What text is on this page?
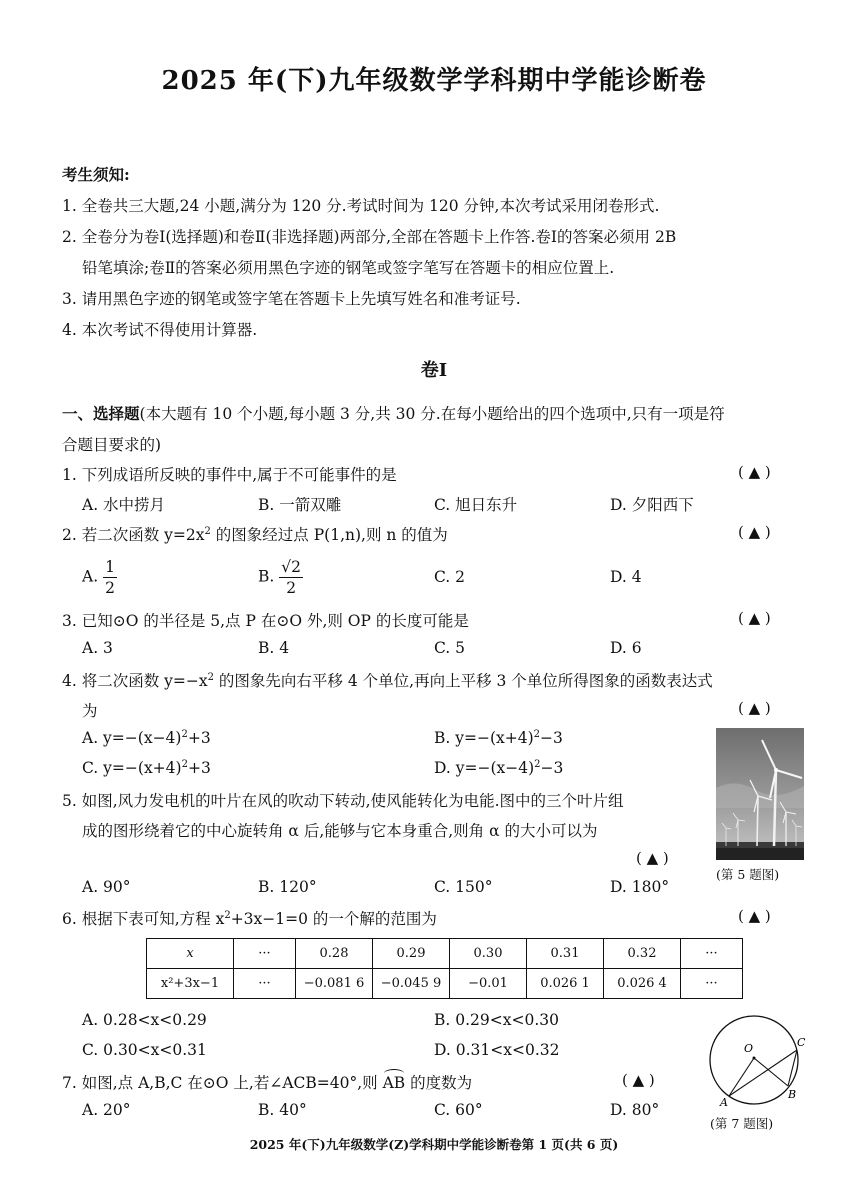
2025 年(下)九年级数学学科期中学能诊断卷
考生须知:
1. 全卷共三大题,24 小题,满分为 120 分.考试时间为 120 分钟,本次考试采用闭卷形式.
2. 全卷分为卷Ⅰ(选择题)和卷Ⅱ(非选择题)两部分,全部在答题卡上作答.卷Ⅰ的答案必须用 2B
铅笔填涂;卷Ⅱ的答案必须用黑色字迹的钢笔或签字笔写在答题卡的相应位置上.
3. 请用黑色字迹的钢笔或签字笔在答题卡上先填写姓名和准考证号.
4. 本次考试不得使用计算器.
卷Ⅰ
一、选择题(本大题有 10 个小题,每小题 3 分,共 30 分.在每小题给出的四个选项中,只有一项是符
合题目要求的)
1. 下列成语所反映的事件中,属于不可能事件的是	( ▲ )
A. 水中捞月	B. 一箭双雕	C. 旭日东升	D. 夕阳西下
2. 若二次函数 $y=2x^2$ 的图象经过点 P(1,n),则 n 的值为	( ▲ )
A. $\frac{1}{2}$	B. $\frac{√2}{2}$	C. 2	D. 4
3. 已知⊙O 的半径是 5,点 P 在⊙O 外,则 OP 的长度可能是	( ▲ )
A. 3	B. 4	C. 5	D. 6
4. 将二次函数 $y=-x^2$ 的图象先向右平移 4 个单位,再向上平移 3 个单位所得图象的函数表达式
为	( ▲ )
A. $y=-(x-4)^2+3$	B. $y=-(x+4)^2-3$
C. $y=-(x+4)^2+3$	D. $y=-(x-4)^2-3$
(第 5 题图)
5. 如图,风力发电机的叶片在风的吹动下转动,使风能转化为电能.图中的三个叶片组
成的图形绕着它的中心旋转角 α 后,能够与它本身重合,则角 α 的大小可以为
( ▲ )
A. 90°	B. 120°	C. 150°	D. 180°
6. 根据下表可知,方程 $x^2+3x-1=0$ 的一个解的范围为	( ▲ )
x	···	0.28	0.29	0.30	0.31	0.32	···
x²+3x−1	···	−0.081 6	−0.045 9	−0.01	0.026 1	0.026 4	···
A. 0.28<x<0.29	B. 0.29<x<0.30
C. 0.30<x<0.31	D. 0.31<x<0.32	O	C
A
B
(第 7 题图)
7. 如图,点 A,B,C 在⊙O 上,若∠ACB=40°,则 AB 的度数为	( ▲ )
A. 20°	B. 40°	C. 60°	D. 80°
2025 年(下)九年级数学(Z)学科期中学能诊断卷第 1 页(共 6 页)
